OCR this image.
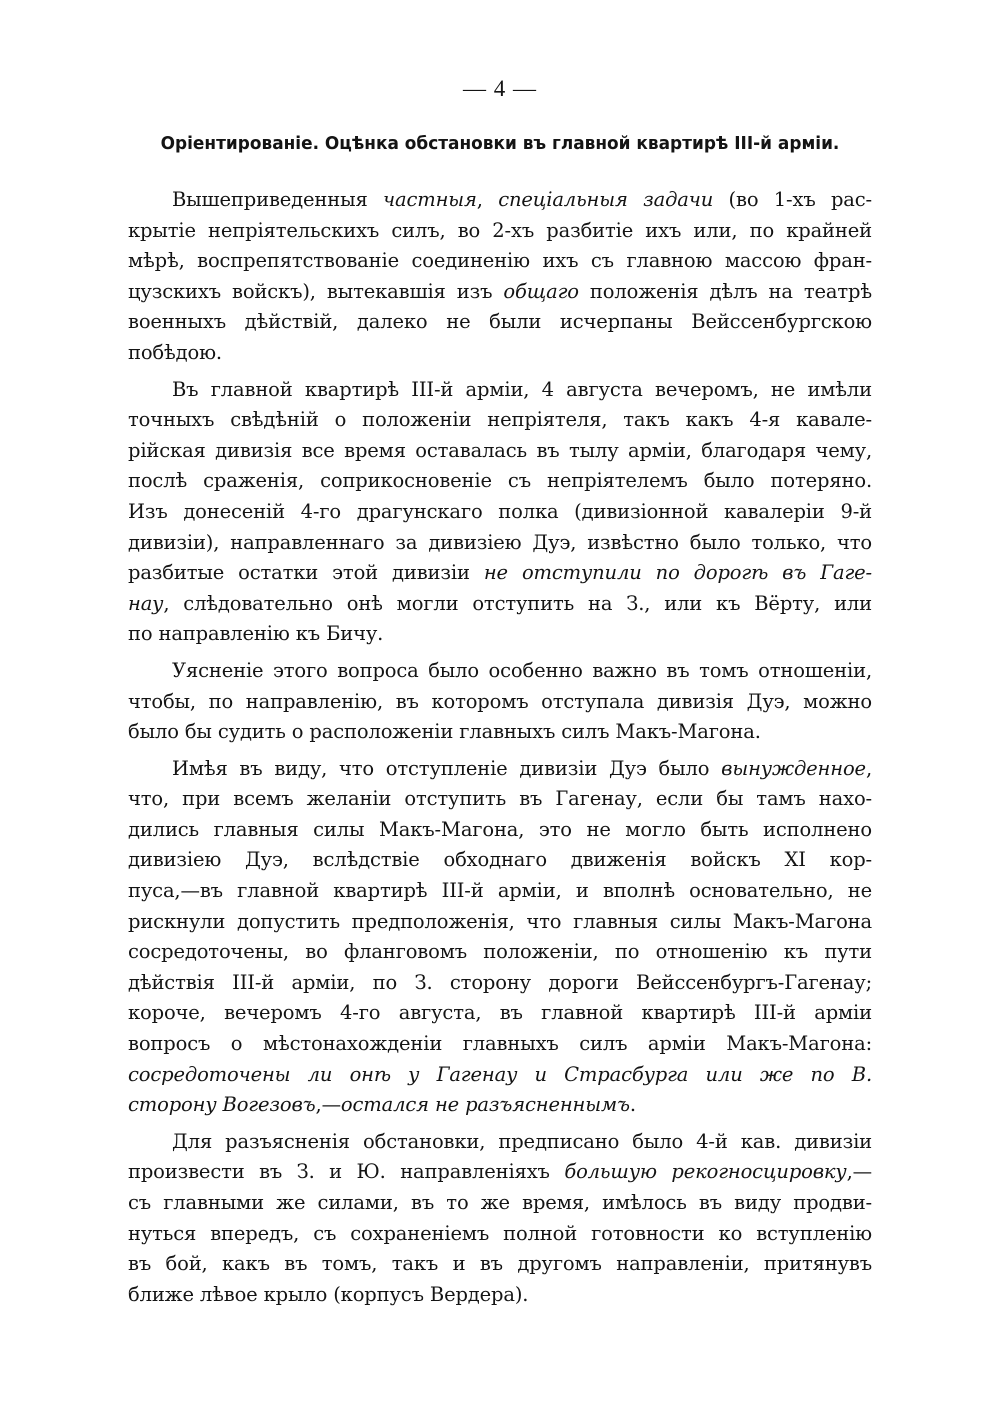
— 4 —
Оріентированіе. Оцѣнка обстановки въ главной квартирѣ III-й арміи.
Вышеприведенныя частныя, спеціальныя задачи (во 1-хъ рас-
крытіе непріятельскихъ силъ, во 2-хъ разбитіе ихъ или, по крайней
мѣрѣ, воспрепятствованіе соединенію ихъ съ главною массою фран-
цузскихъ войскъ), вытекавшія изъ общаго положенія дѣлъ на театрѣ
военныхъ дѣйствій, далеко не были исчерпаны Вейссенбургскою
побѣдою.
Въ главной квартирѣ III-й арміи, 4 августа вечеромъ, не имѣли
точныхъ свѣдѣній о положеніи непріятеля, такъ какъ 4-я кавале-
рійская дивизія все время оставалась въ тылу арміи, благодаря чему,
послѣ сраженія, соприкосновеніе съ непріятелемъ было потеряно.
Изъ донесеній 4-го драгунскаго полка (дивизіонной кавалеріи 9-й
дивизіи), направленнаго за дивизіею Дуэ, извѣстно было только, что
разбитые остатки этой дивизіи не отступили по дорогѣ въ Гаге-
нау, слѣдовательно онѣ могли отступить на З., или къ Вёрту, или
по направленію къ Бичу.
Уясненіе этого вопроса было особенно важно въ томъ отношеніи,
чтобы, по направленію, въ которомъ отступала дивизія Дуэ, можно
было бы судить о расположеніи главныхъ силъ Макъ-Магона.
Имѣя въ виду, что отступленіе дивизіи Дуэ было вынужденное,
что, при всемъ желаніи отступить въ Гагенау, если бы тамъ нахо-
дились главныя силы Макъ-Магона, это не могло быть исполнено
дивизіею Дуэ, вслѣдствіе обходнаго движенія войскъ XI кор-
пуса,—въ главной квартирѣ III-й арміи, и вполнѣ основательно, не
рискнули допустить предположенія, что главныя силы Макъ-Магона
сосредоточены, во фланговомъ положеніи, по отношенію къ пути
дѣйствія III-й арміи, по З. сторону дороги Вейссенбургъ-Гагенау;
короче, вечеромъ 4-го августа, въ главной квартирѣ III-й арміи
вопросъ о мѣстонахожденіи главныхъ силъ арміи Макъ-Магона:
сосредоточены ли онѣ у Гагенау и Страсбурга или же по В.
сторону Вогезовъ,—остался не разъясненнымъ.
Для разъясненія обстановки, предписано было 4-й кав. дивизіи
произвести въ З. и Ю. направленіяхъ большую рекогносцировку,—
съ главными же силами, въ то же время, имѣлось въ виду продви-
нуться впередъ, съ сохраненіемъ полной готовности ко вступленію
въ бой, какъ въ томъ, такъ и въ другомъ направленіи, притянувъ
ближе лѣвое крыло (корпусъ Вердера).
